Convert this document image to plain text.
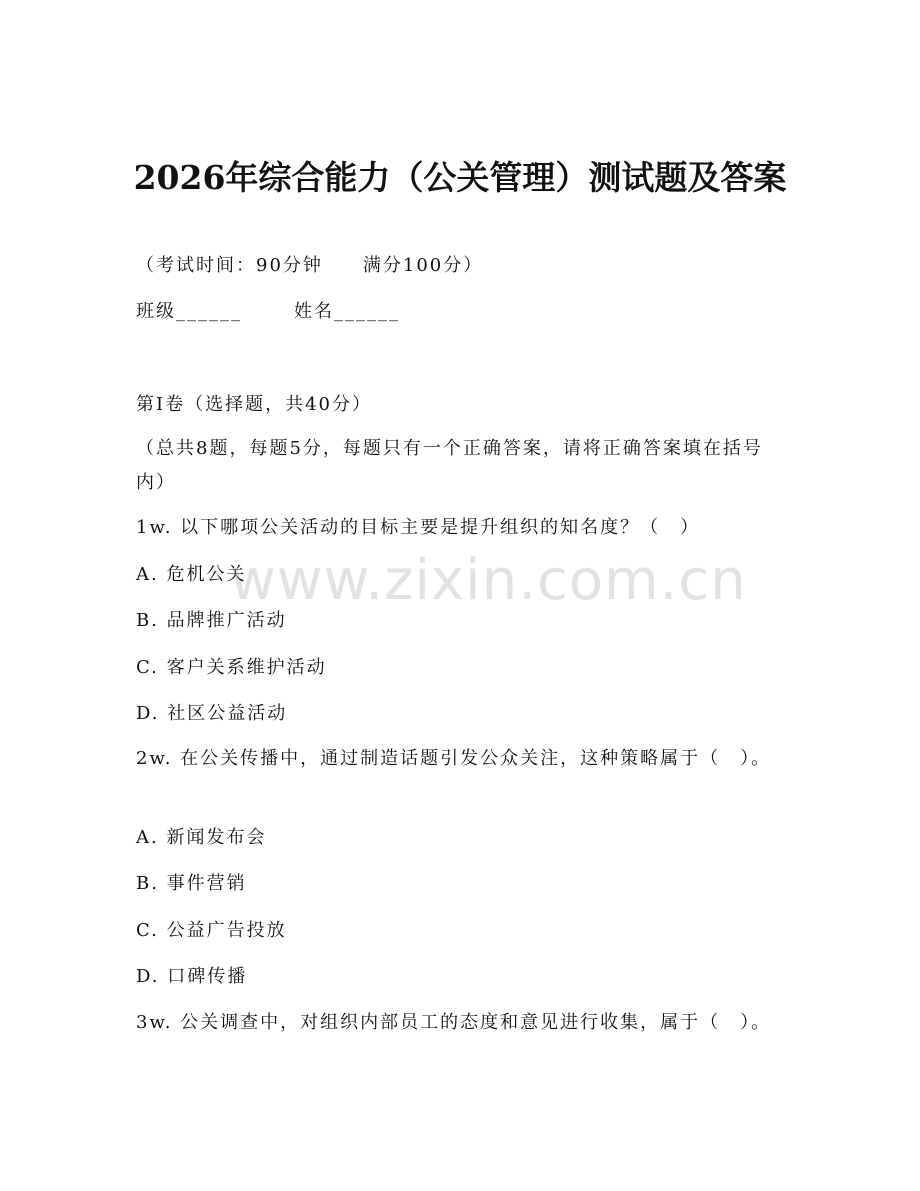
2026年综合能力（公关管理）测试题及答案
（考试时间：90分钟 满分100分）
班级______	姓名______
第I卷（选择题，共40分）
（总共8题，每题5分，每题只有一个正确答案，请将正确答案填在括号内）
1w. 以下哪项公关活动的目标主要是提升组织的知名度？（　）
A. 危机公关
B. 品牌推广活动
C. 客户关系维护活动
D. 社区公益活动
2w. 在公关传播中，通过制造话题引发公众关注，这种策略属于（　）。
A. 新闻发布会
B. 事件营销
C. 公益广告投放
D. 口碑传播
3w. 公关调查中，对组织内部员工的态度和意见进行收集，属于（　）。
www.zixin.com.cn
